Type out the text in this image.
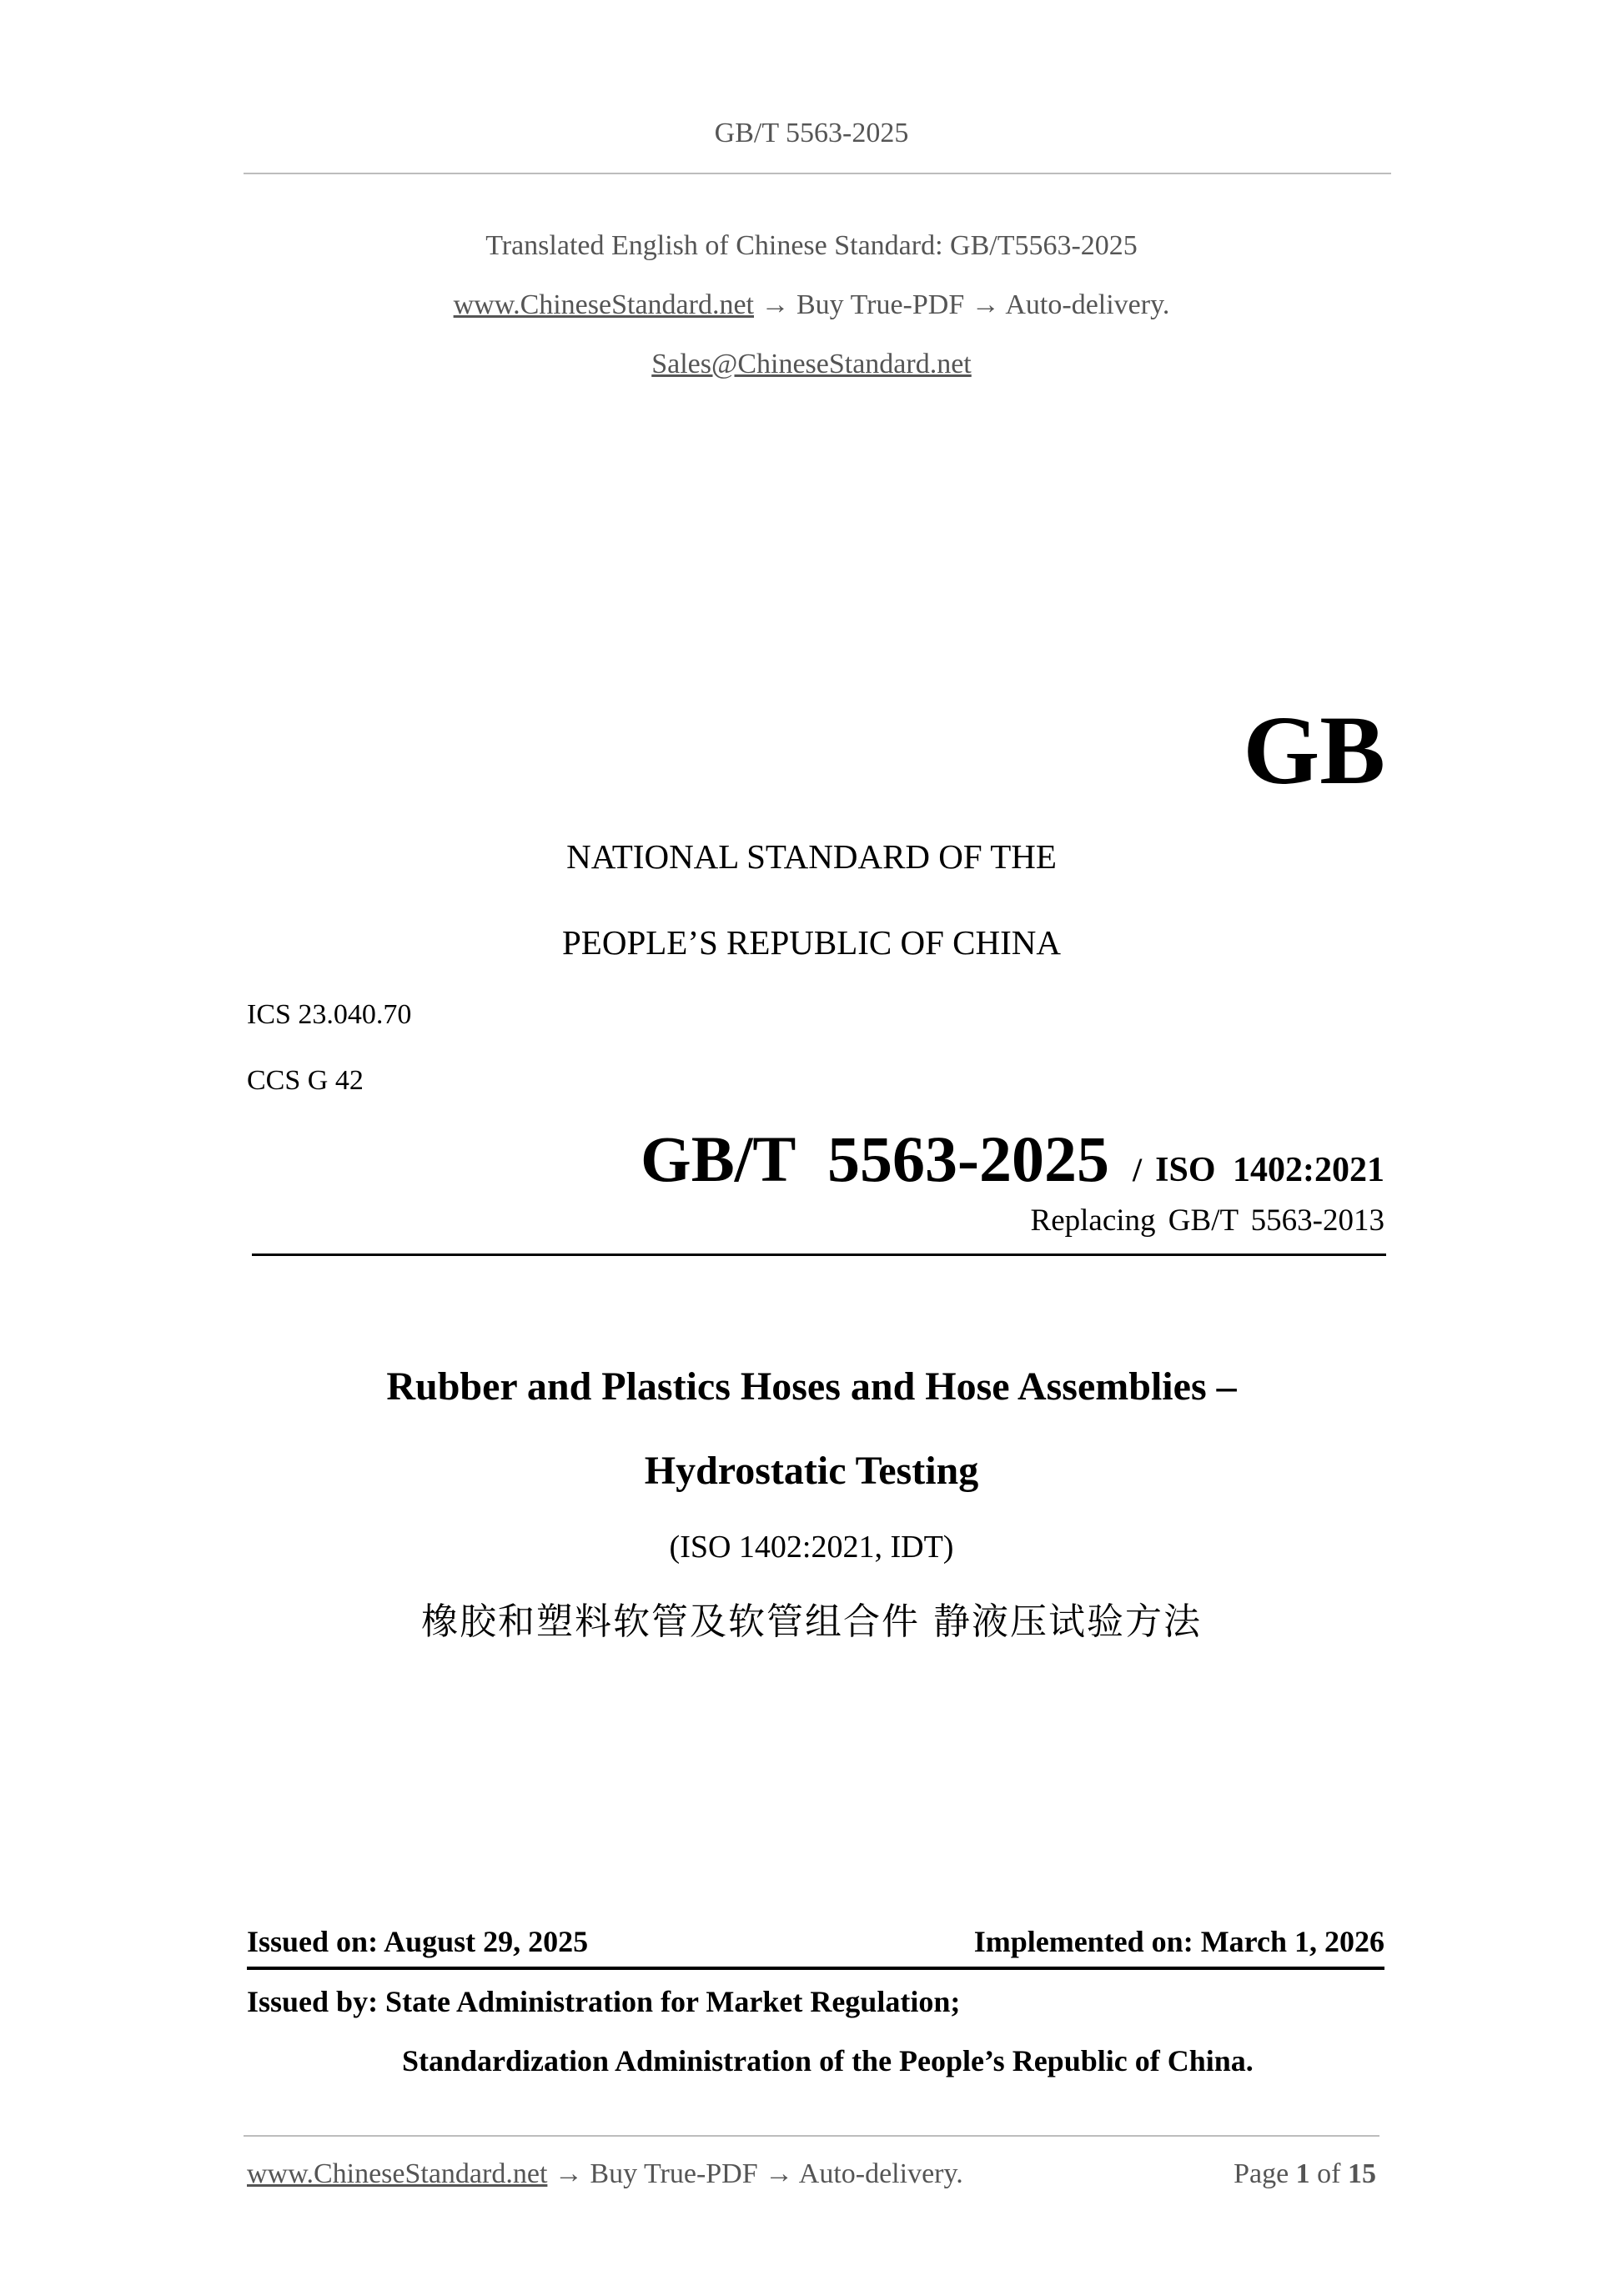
GB/T 5563-2025
Translated English of Chinese Standard: GB/T5563-2025
www.ChineseStandard.net → Buy True-PDF → Auto-delivery.
Sales@ChineseStandard.net
GB
NATIONAL STANDARD OF THE
PEOPLE’S REPUBLIC OF CHINA
ICS 23.040.70
CCS G 42
GB/T  5563-2025 / ISO 1402:2021
Replacing GB/T 5563-2013
Rubber and Plastics Hoses and Hose Assemblies –
Hydrostatic Testing
(ISO 1402:2021, IDT)
橡胶和塑料软管及软管组合件 静液压试验方法
Issued on: August 29, 2025	Implemented on: March 1, 2026
Issued by: State Administration for Market Regulation;
Standardization Administration of the People’s Republic of China.
www.ChineseStandard.net → Buy True-PDF → Auto-delivery.	Page 1 of 15
